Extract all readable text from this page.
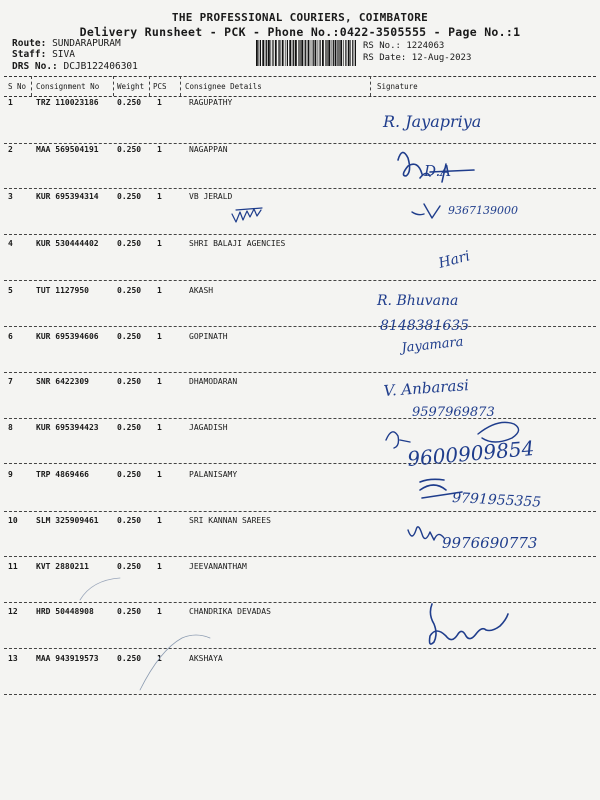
THE PROFESSIONAL COURIERS, COIMBATORE
Delivery Runsheet - PCK - Phone No.:0422-3505555 - Page No.:1
Route: SUNDARAPURAM
Staff: SIVA
DRS No.: DCJB122406301
RS No.: 1224063
RS Date: 12-Aug-2023
S No Consignment No Weight PCS Consignee Details	Signature
1	TRZ 110023186 0.250 1	RAGUPATHY
2	MAA 569504191 0.250 1	NAGAPPAN
3	KUR 695394314 0.250 1	VB JERALD
4	KUR 530444402 0.250 1	SHRI BALAJI AGENCIES
5	TUT 1127950	0.250 1	AKASH
6	KUR 695394606 0.250 1	GOPINATH
7	SNR 6422309	0.250 1	DHAMODARAN
8	KUR 695394423 0.250 1	JAGADISH
9	TRP 4869466	0.250 1	PALANISAMY
10 SLM 325909461 0.250 1	SRI KANNAN SAREES
11 KVT 2880211	0.250 1	JEEVANANTHAM
12 HRD 50448908	0.250 1	CHANDRIKA DEVADAS
13 MAA 943919573 0.250 1	AKSHAYA
R. Jayapriya
D.A
9367139000
Hari
R. Bhuvana
8148381635
Jayamara
V. Anbarasi
9597969873
9600909854
9791955355
9976690773
